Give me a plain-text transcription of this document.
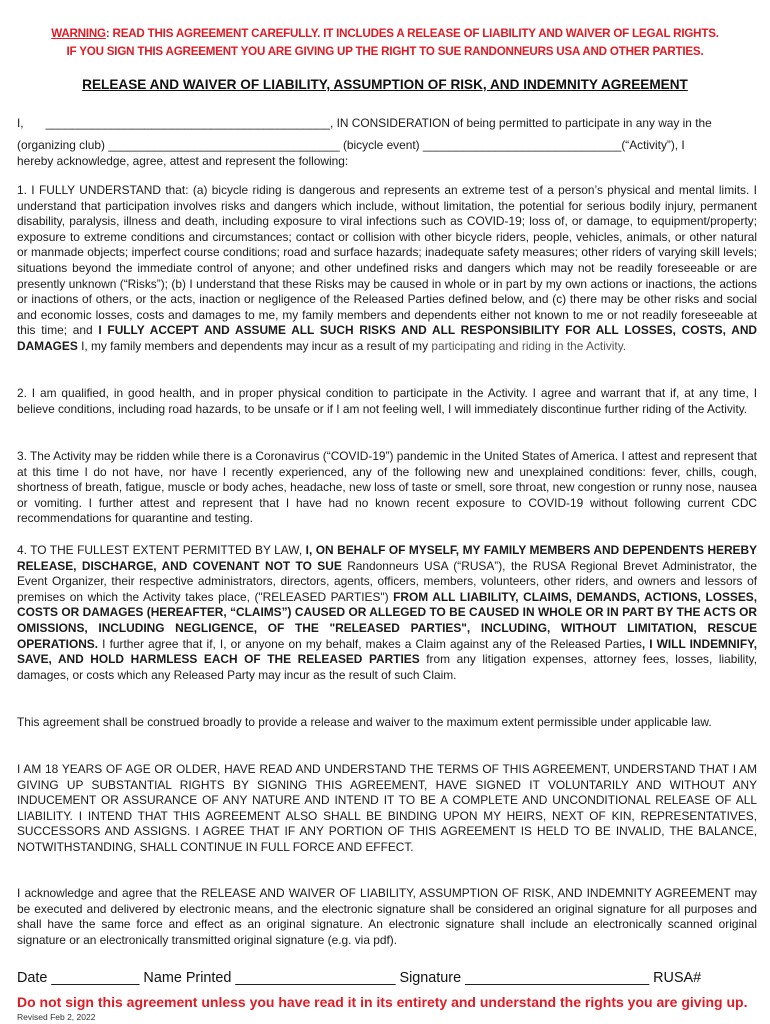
WARNING: READ THIS AGREEMENT CAREFULLY. IT INCLUDES A RELEASE OF LIABILITY AND WAIVER OF LEGAL RIGHTS.
IF YOU SIGN THIS AGREEMENT YOU ARE GIVING UP THE RIGHT TO SUE RANDONNEURS USA AND OTHER PARTIES.
RELEASE AND WAIVER OF LIABILITY, ASSUMPTION OF RISK, AND INDEMNITY AGREEMENT
I, ___________________________________________, IN CONSIDERATION of being permitted to participate in any way in the
(organizing club) ___________________________________ (bicycle event) ______________________________(“Activity”), I
hereby acknowledge, agree, attest and represent the following:
1. I FULLY UNDERSTAND that: (a) bicycle riding is dangerous and represents an extreme test of a person’s physical and mental limits. I understand that participation involves risks and dangers which include, without limitation, the potential for serious bodily injury, permanent disability, paralysis, illness and death, including exposure to viral infections such as COVID-19; loss of, or damage, to equipment/property; exposure to extreme conditions and circumstances; contact or collision with other bicycle riders, people, vehicles, animals, or other natural or manmade objects; imperfect course conditions; road and surface hazards; inadequate safety measures; other riders of varying skill levels; situations beyond the immediate control of anyone; and other undefined risks and dangers which may not be readily foreseeable or are presently unknown (“Risks”); (b) I understand that these Risks may be caused in whole or in part by my own actions or inactions, the actions or inactions of others, or the acts, inaction or negligence of the Released Parties defined below, and (c) there may be other risks and social and economic losses, costs and damages to me, my family members and dependents either not known to me or not readily foreseeable at this time; and I FULLY ACCEPT AND ASSUME ALL SUCH RISKS AND ALL RESPONSIBILITY FOR ALL LOSSES, COSTS, AND DAMAGES I, my family members and dependents may incur as a result of my participating and riding in the Activity.
2. I am qualified, in good health, and in proper physical condition to participate in the Activity. I agree and warrant that if, at any time, I believe conditions, including road hazards, to be unsafe or if I am not feeling well, I will immediately discontinue further riding of the Activity.
3. The Activity may be ridden while there is a Coronavirus (“COVID-19”) pandemic in the United States of America. I attest and represent that at this time I do not have, nor have I recently experienced, any of the following new and unexplained conditions: fever, chills, cough, shortness of breath, fatigue, muscle or body aches, headache, new loss of taste or smell, sore throat, new congestion or runny nose, nausea or vomiting. I further attest and represent that I have had no known recent exposure to COVID-19 without following current CDC recommendations for quarantine and testing.
4. TO THE FULLEST EXTENT PERMITTED BY LAW, I, ON BEHALF OF MYSELF, MY FAMILY MEMBERS AND DEPENDENTS HEREBY RELEASE, DISCHARGE, AND COVENANT NOT TO SUE Randonneurs USA (“RUSA”), the RUSA Regional Brevet Administrator, the Event Organizer, their respective administrators, directors, agents, officers, members, volunteers, other riders, and owners and lessors of premises on which the Activity takes place, ("RELEASED PARTIES") FROM ALL LIABILITY, CLAIMS, DEMANDS, ACTIONS, LOSSES, COSTS OR DAMAGES (HEREAFTER, “CLAIMS”) CAUSED OR ALLEGED TO BE CAUSED IN WHOLE OR IN PART BY THE ACTS OR OMISSIONS, INCLUDING NEGLIGENCE, OF THE "RELEASED PARTIES", INCLUDING, WITHOUT LIMITATION, RESCUE OPERATIONS. I further agree that if, I, or anyone on my behalf, makes a Claim against any of the Released Parties, I WILL INDEMNIFY, SAVE, AND HOLD HARMLESS EACH OF THE RELEASED PARTIES from any litigation expenses, attorney fees, losses, liability, damages, or costs which any Released Party may incur as the result of such Claim.
This agreement shall be construed broadly to provide a release and waiver to the maximum extent permissible under applicable law.
I AM 18 YEARS OF AGE OR OLDER, HAVE READ AND UNDERSTAND THE TERMS OF THIS AGREEMENT, UNDERSTAND THAT I AM GIVING UP SUBSTANTIAL RIGHTS BY SIGNING THIS AGREEMENT, HAVE SIGNED IT VOLUNTARILY AND WITHOUT ANY INDUCEMENT OR ASSURANCE OF ANY NATURE AND INTEND IT TO BE A COMPLETE AND UNCONDITIONAL RELEASE OF ALL LIABILITY. I INTEND THAT THIS AGREEMENT ALSO SHALL BE BINDING UPON MY HEIRS, NEXT OF KIN, REPRESENTATIVES, SUCCESSORS AND ASSIGNS. I AGREE THAT IF ANY PORTION OF THIS AGREEMENT IS HELD TO BE INVALID, THE BALANCE, NOTWITHSTANDING, SHALL CONTINUE IN FULL FORCE AND EFFECT.
I acknowledge and agree that the RELEASE AND WAIVER OF LIABILITY, ASSUMPTION OF RISK, AND INDEMNITY AGREEMENT may be executed and delivered by electronic means, and the electronic signature shall be considered an original signature for all purposes and shall have the same force and effect as an original signature. An electronic signature shall include an electronically scanned original signature or an electronically transmitted original signature (e.g. via pdf).
Date ___________ Name Printed ____________________ Signature _______________________ RUSA#
Do not sign this agreement unless you have read it in its entirety and understand the rights you are giving up.
Revised Feb 2, 2022
